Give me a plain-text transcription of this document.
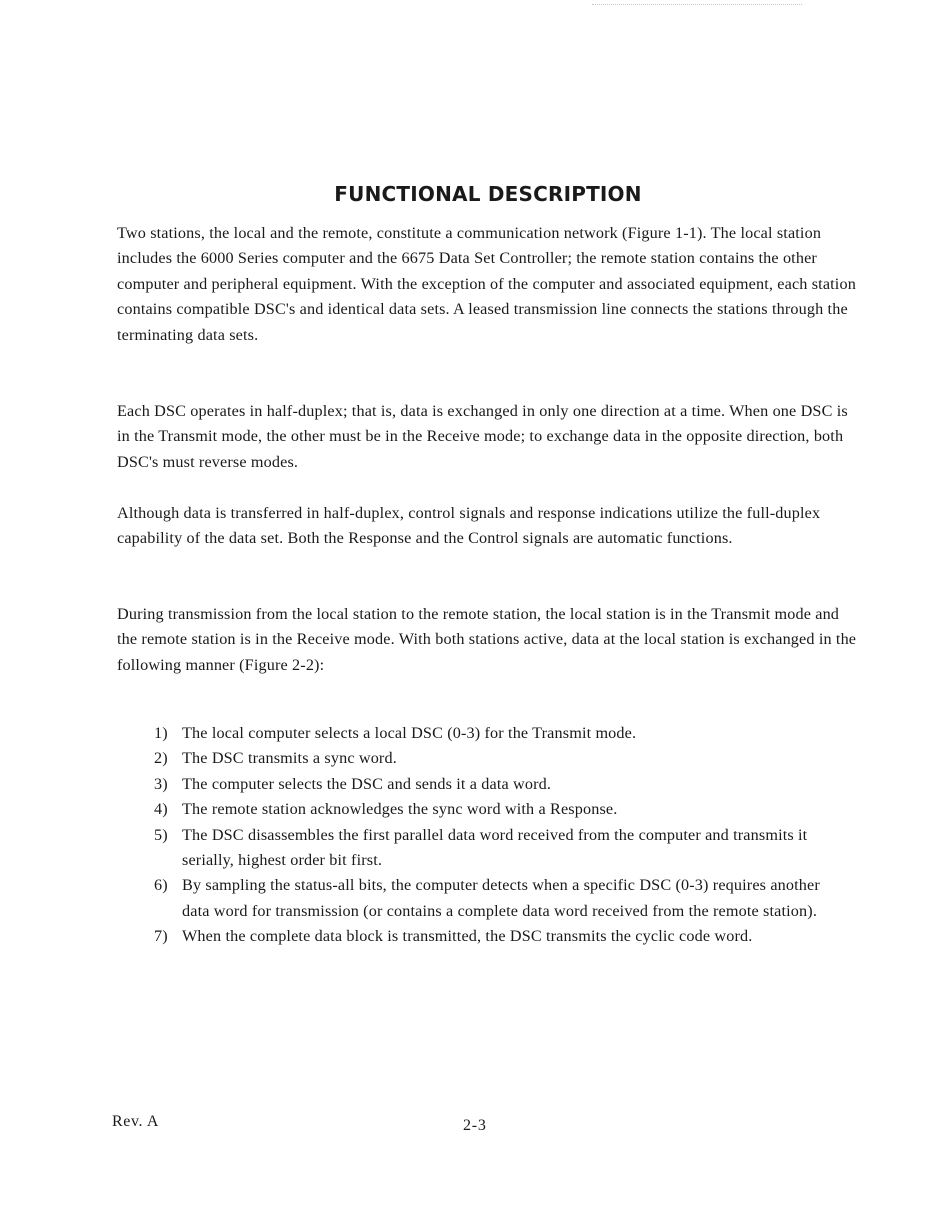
FUNCTIONAL DESCRIPTION

Two stations, the local and the remote, constitute a communication network (Figure 1-1). The local station includes the 6000 Series computer and the 6675 Data Set Controller; the remote station contains the other computer and peripheral equipment. With the exception of the computer and associated equipment, each station contains compatible DSC's and identical data sets. A leased transmission line connects the stations through the terminating data sets.

Each DSC operates in half-duplex; that is, data is exchanged in only one direction at a time. When one DSC is in the Transmit mode, the other must be in the Receive mode; to exchange data in the opposite direction, both DSC's must reverse modes.

Although data is transferred in half-duplex, control signals and response indications utilize the full-duplex capability of the data set. Both the Response and the Control signals are automatic functions.

During transmission from the local station to the remote station, the local station is in the Transmit mode and the remote station is in the Receive mode. With both stations active, data at the local station is exchanged in the following manner (Figure 2-2):

1) The local computer selects a local DSC (0-3) for the Transmit mode.
2) The DSC transmits a sync word.
3) The computer selects the DSC and sends it a data word.
4) The remote station acknowledges the sync word with a Response.
5) The DSC disassembles the first parallel data word received from the computer and transmits it serially, highest order bit first.
6) By sampling the status-all bits, the computer detects when a specific DSC (0-3) requires another data word for transmission (or contains a complete data word received from the remote station).
7) When the complete data block is transmitted, the DSC transmits the cyclic code word.
Rev. A	2-3
